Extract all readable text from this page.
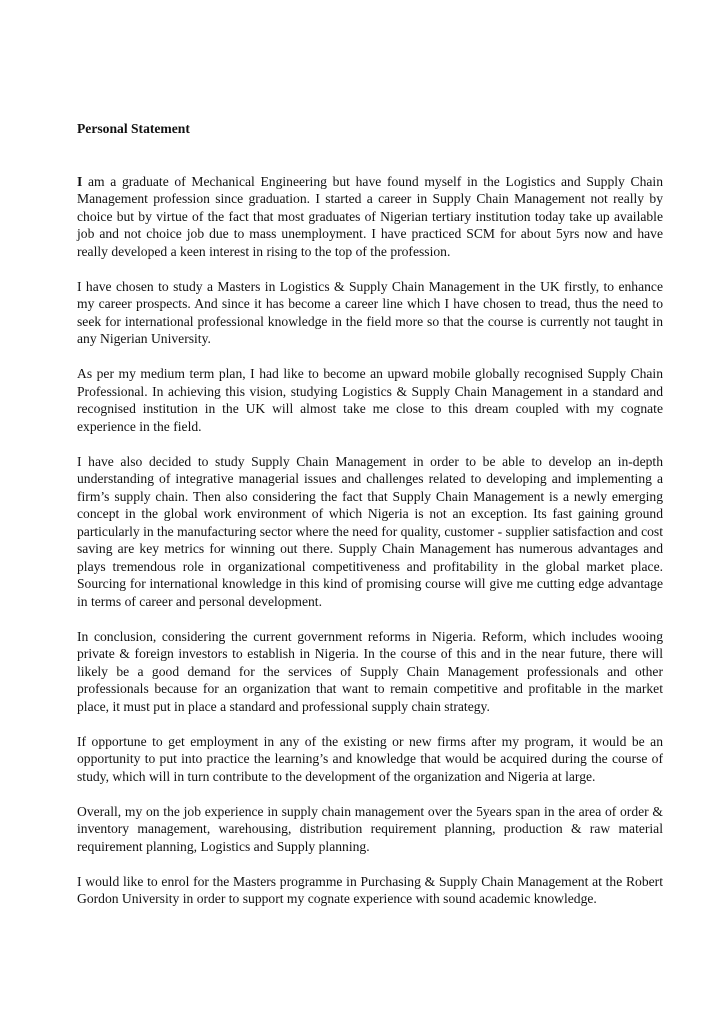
Personal Statement

I am a graduate of Mechanical Engineering but have found myself in the Logistics and Supply Chain Management profession since graduation. I started a career in Supply Chain Management not really by choice but by virtue of the fact that most graduates of Nigerian tertiary institution today take up available job and not choice job due to mass unemployment. I have practiced SCM for about 5yrs now and have really developed a keen interest in rising to the top of the profession.

I have chosen to study a Masters in Logistics & Supply Chain Management in the UK firstly, to enhance my career prospects. And since it has become a career line which I have chosen to tread, thus the need to seek for international professional knowledge in the field more so that the course is currently not taught in any Nigerian University.

As per my medium term plan, I had like to become an upward mobile globally recognised Supply Chain Professional. In achieving this vision, studying Logistics & Supply Chain Management in a standard and recognised institution in the UK will almost take me close to this dream coupled with my cognate experience in the field.

I have also decided to study Supply Chain Management in order to be able to develop an in-depth understanding of integrative managerial issues and challenges related to developing and implementing a firm’s supply chain. Then also considering the fact that Supply Chain Management is a newly emerging concept in the global work environment of which Nigeria is not an exception. Its fast gaining ground particularly in the manufacturing sector where the need for quality, customer - supplier satisfaction and cost saving are key metrics for winning out there. Supply Chain Management has numerous advantages and plays tremendous role in organizational competitiveness and profitability in the global market place. Sourcing for international knowledge in this kind of promising course will give me cutting edge advantage in terms of career and personal development.

In conclusion, considering the current government reforms in Nigeria. Reform, which includes wooing private & foreign investors to establish in Nigeria. In the course of this and in the near future, there will likely be a good demand for the services of Supply Chain Management professionals and other professionals because for an organization that want to remain competitive and profitable in the market place, it must put in place a standard and professional supply chain strategy.

If opportune to get employment in any of the existing or new firms after my program, it would be an opportunity to put into practice the learning’s and knowledge that would be acquired during the course of study, which will in turn contribute to the development of the organization and Nigeria at large.

Overall, my on the job experience in supply chain management over the 5years span in the area of order & inventory management, warehousing, distribution requirement planning, production & raw material requirement planning, Logistics and Supply planning.

I would like to enrol for the Masters programme in Purchasing & Supply Chain Management at the Robert Gordon University in order to support my cognate experience with sound academic knowledge.
